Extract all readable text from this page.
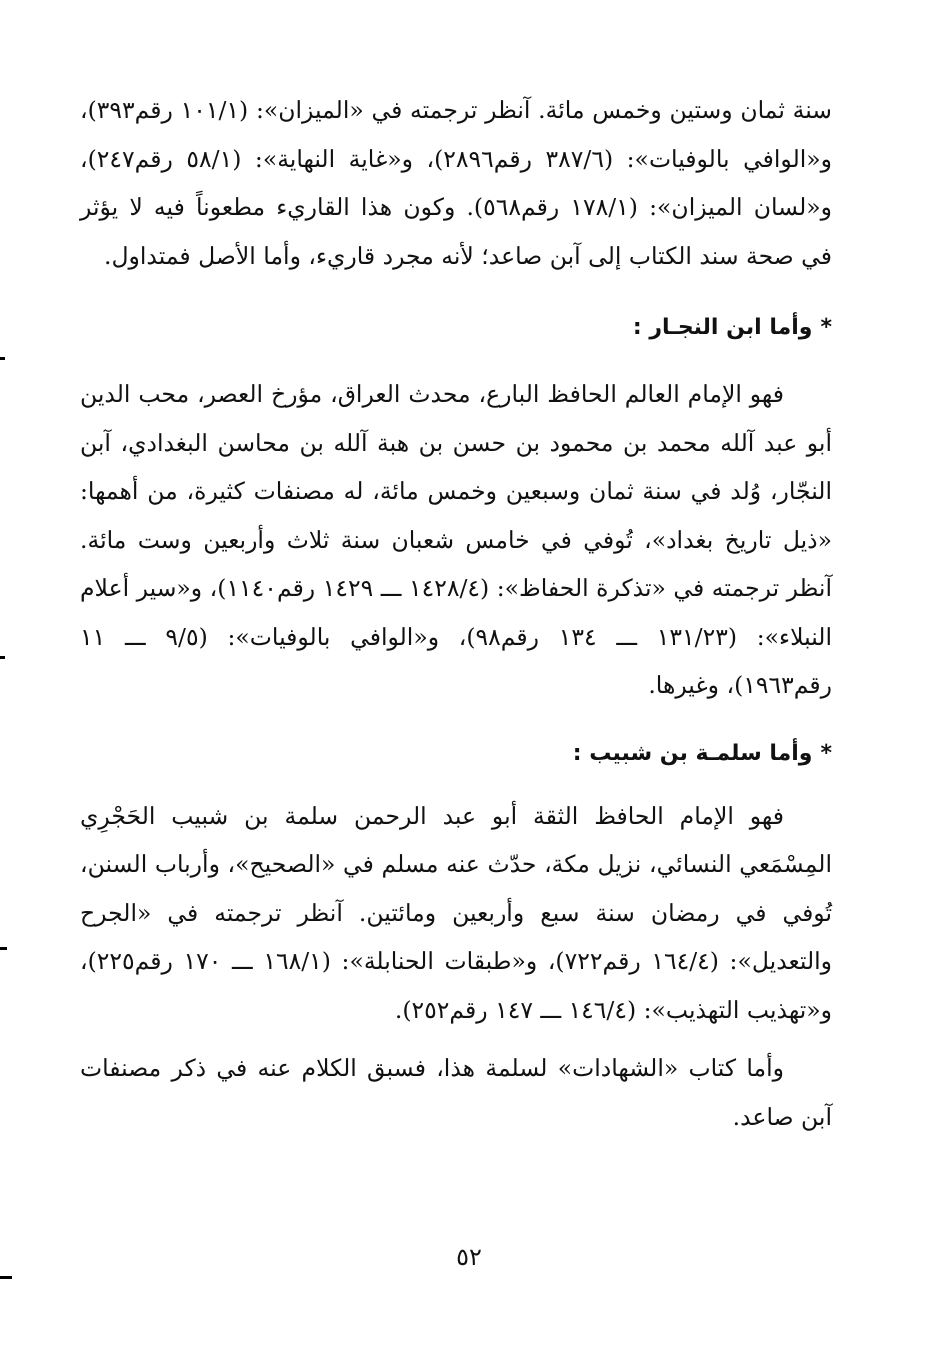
سنة ثمان وستين وخمس مائة. آنظر ترجمته في «الميزان»: (١٠١/١ رقم٣٩٣)، و«الوافي بالوفيات»: (٣٨٧/٦ رقم٢٨٩٦)، و«غاية النهاية»: (٥٨/١ رقم٢٤٧)، و«لسان الميزان»: (١٧٨/١ رقم٥٦٨). وكون هذا القاريء مطعوناً فيه لا يؤثر في صحة سند الكتاب إلى آبن صاعد؛ لأنه مجرد قاريء، وأما الأصل فمتداول.

*وأما ابن النجـار :

فهو الإمام العالم الحافظ البارع، محدث العراق، مؤرخ العصر، محب الدين أبو عبد آلله محمد بن محمود بن حسن بن هبة آلله بن محاسن البغدادي، آبن النجّار، وُلد في سنة ثمان وسبعين وخمس مائة، له مصنفات كثيرة، من أهمها: «ذيل تاريخ بغداد»، تُوفي في خامس شعبان سنة ثلاث وأربعين وست مائة. آنظر ترجمته في «تذكرة الحفاظ»: (١٤٢٨/٤ ـــ ١٤٢٩ رقم١١٤٠)، و«سير أعلام النبلاء»: (١٣١/٢٣ ـــ ١٣٤ رقم٩٨)، و«الوافي بالوفيات»: (٩/٥ ـــ ١١ رقم١٩٦٣)، وغيرها.

*وأما سلمـة بن شبيب :

فهو الإمام الحافظ الثقة أبو عبد الرحمن سلمة بن شبيب الحَجْرِي المِسْمَعي النسائي، نزيل مكة، حدّث عنه مسلم في «الصحيح»، وأرباب السنن، تُوفي في رمضان سنة سبع وأربعين ومائتين. آنظر ترجمته في «الجرح والتعديل»: (١٦٤/٤ رقم٧٢٢)، و«طبقات الحنابلة»: (١٦٨/١ ـــ ١٧٠ رقم٢٢٥)، و«تهذيب التهذيب»: (١٤٦/٤ ـــ ١٤٧ رقم٢٥٢).

وأما كتاب «الشهادات» لسلمة هذا، فسبق الكلام عنه في ذكر مصنفات آبن صاعد.

٥٢
